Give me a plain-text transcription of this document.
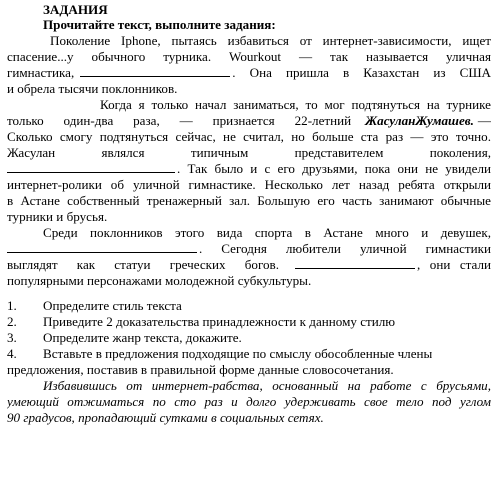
ЗАДАНИЯ
Прочитайте текст, выполните задания:
Поколение Iphone, пытаясь избавиться от интернет-зависимости, ищет
спасение...у обычного турника. Wourkout — так называется уличная
гимнастика,	. Она пришла в Казахстан из США
и обрела тысячи поклонников.
Когда я только начал заниматься, то мог подтянуться на турнике
только один-два раза, — признается 22-летний ЖасуланЖумашев. —
Сколько смогу подтянуться сейчас, не считал, но больше ста раз — это точно.
Жасулан являлся типичным представителем поколения,
. Так было и с его друзьями, пока они не увидели
интернет-ролики об уличной гимнастике. Несколько лет назад ребята открыли
в Астане собственный тренажерный зал. Большую его часть занимают обычные
турники и брусья.
Среди поклонников этого вида спорта в Астане много и девушек,
. Сегодня любители уличной гимнастики
выглядят как статуи греческих богов.	, они стали
популярными персонажами молодежной субкультуры.
1. Определите стиль текста
2. Приведите 2 доказательства принадлежности к данному стилю
3. Определите жанр текста, докажите.
4. Вставьте в предложения подходящие по смыслу обособленные члены
предложения, поставив в правильной форме данные словосочетания.
Избавившись от интернет-рабства, основанный на работе с брусьями,
умеющий отжиматься по сто раз и долго удерживать свое тело под углом
90 градусов, пропадающий сутками в социальных сетях.
